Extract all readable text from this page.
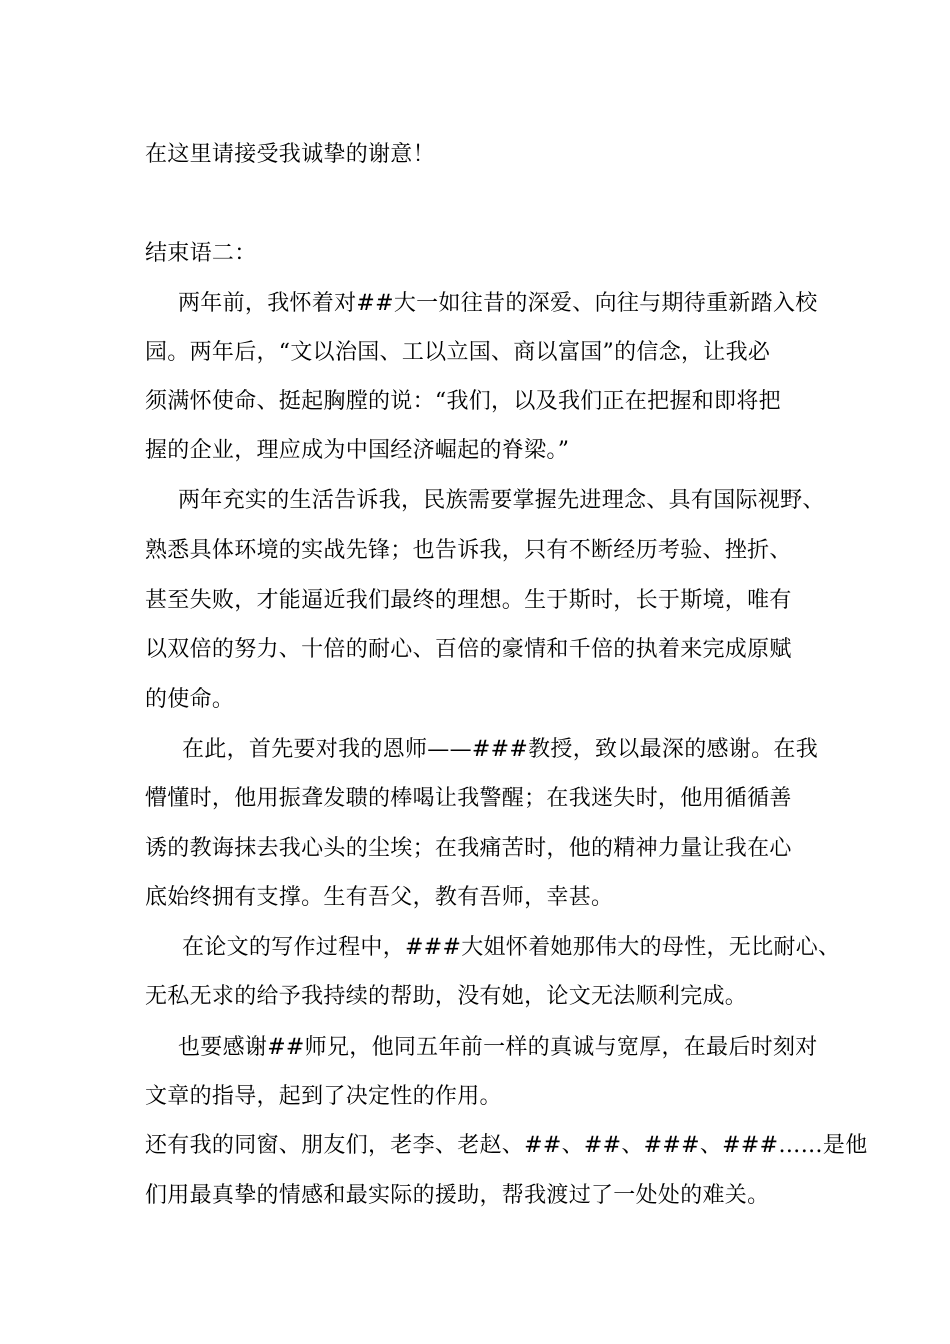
在这里请接受我诚挚的谢意！
结束语二：
两年前，我怀着对##大一如往昔的深爱、向往与期待重新踏入校
园。两年后，“文以治国、工以立国、商以富国”的信念，让我必
须满怀使命、挺起胸膛的说：“我们，以及我们正在把握和即将把
握的企业，理应成为中国经济崛起的脊梁。”
两年充实的生活告诉我，民族需要掌握先进理念、具有国际视野、
熟悉具体环境的实战先锋；也告诉我，只有不断经历考验、挫折、
甚至失败，才能逼近我们最终的理想。生于斯时，长于斯境，唯有
以双倍的努力、十倍的耐心、百倍的豪情和千倍的执着来完成原赋
的使命。
在此，首先要对我的恩师——###教授，致以最深的感谢。在我
懵懂时，他用振聋发聩的棒喝让我警醒；在我迷失时，他用循循善
诱的教诲抹去我心头的尘埃；在我痛苦时，他的精神力量让我在心
底始终拥有支撑。生有吾父，教有吾师，幸甚。
在论文的写作过程中，###大姐怀着她那伟大的母性，无比耐心、
无私无求的给予我持续的帮助，没有她，论文无法顺利完成。
也要感谢##师兄，他同五年前一样的真诚与宽厚，在最后时刻对
文章的指导，起到了决定性的作用。
还有我的同窗、朋友们，老李、老赵、##、##、###、###……是他
们用最真挚的情感和最实际的援助，帮我渡过了一处处的难关。
